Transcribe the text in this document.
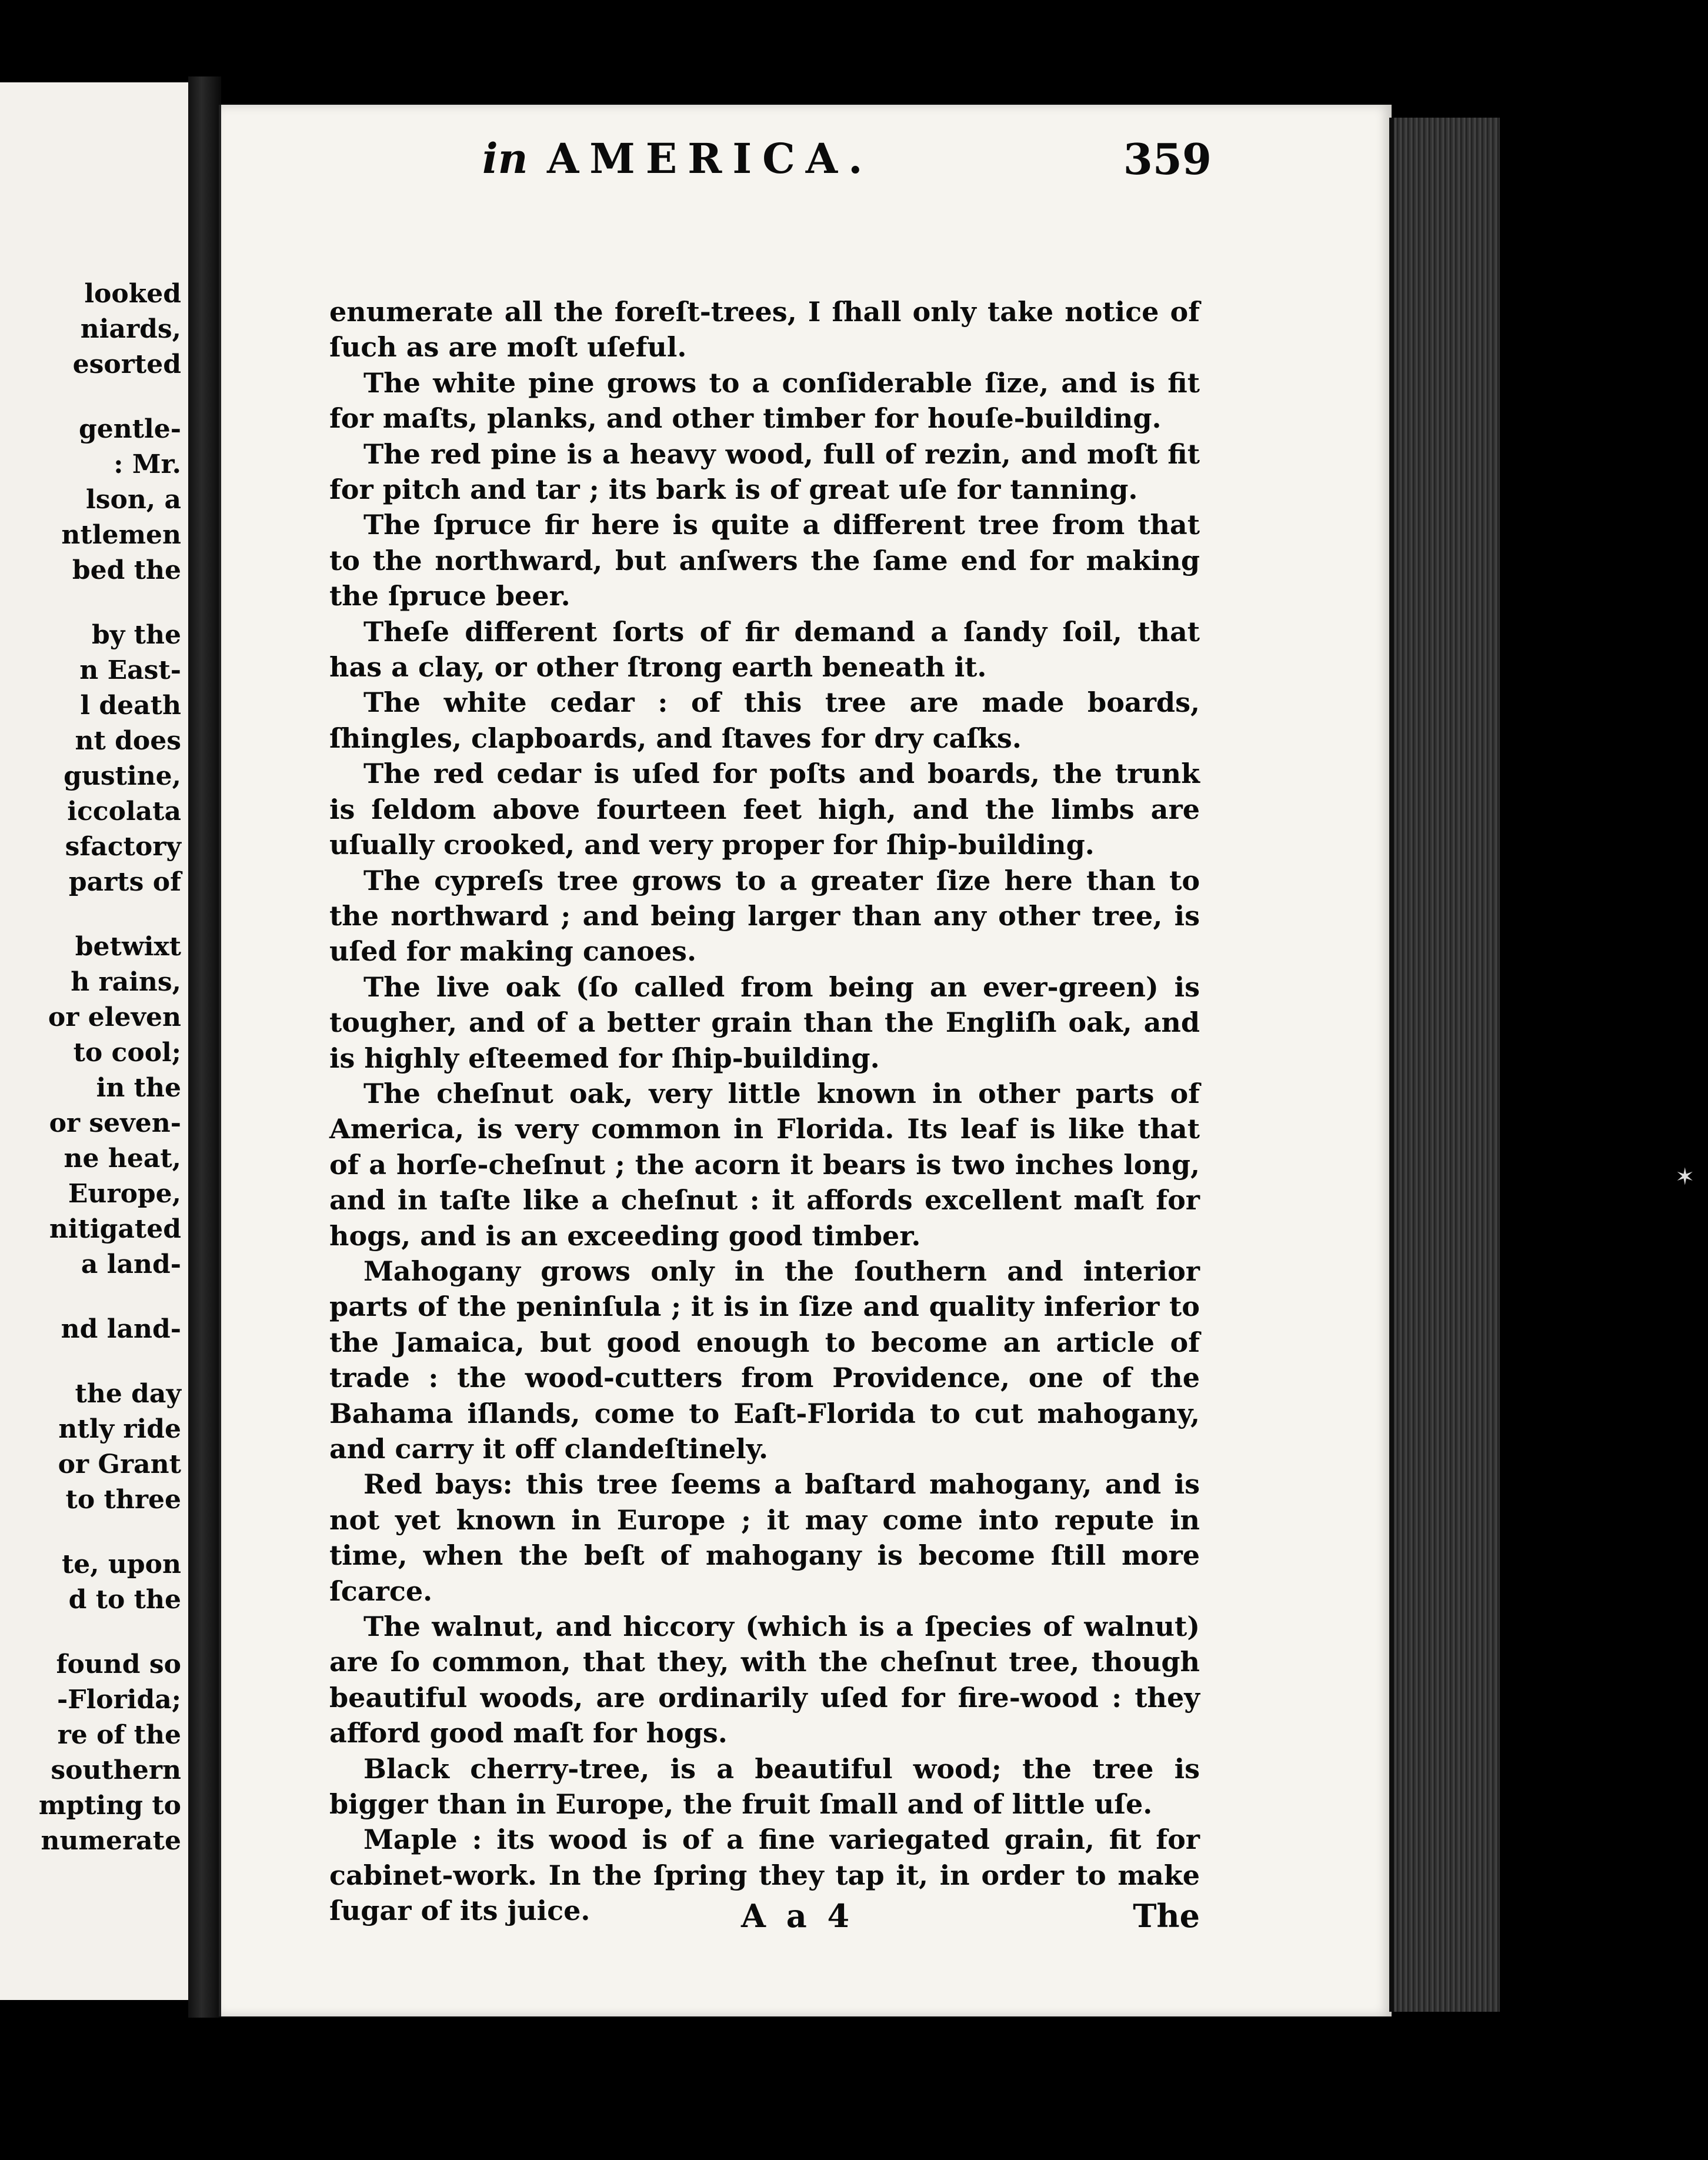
looked
niards,
esorted
gentle-
: Mr.
lson, a
ntlemen
bed the
by the
n East-
l death
nt does
gustine,
iccolata
sfactory
parts of
betwixt
h rains,
or eleven
to cool;
in the
or seven-
ne heat,
Europe,
nitigated
a land-
nd land-
the day
ntly ride
or Grant
to three
te, upon
d to the
found so
-Florida;
re of the
southern
mpting to
numerate
in AMERICA.	359

enumerate all the foreſt-trees, I ſhall only take notice of ſuch as are moſt uſeful.

The white pine grows to a conſiderable ſize, and is fit for maſts, planks, and other timber for houſe-building.

The red pine is a heavy wood, full of rezin, and moſt fit for pitch and tar ; its bark is of great uſe for tanning.

The ſpruce fir here is quite a different tree from that to the northward, but anſwers the ſame end for making the ſpruce beer.

Theſe different ſorts of fir demand a ſandy ſoil, that has a clay, or other ſtrong earth beneath it.

The white cedar : of this tree are made boards, ſhingles, clapboards, and ſtaves for dry caſks.

The red cedar is uſed for poſts and boards, the trunk is ſeldom above fourteen feet high, and the limbs are uſually crooked, and very proper for ſhip-building.

The cypreſs tree grows to a greater ſize here than to the northward ; and being larger than any other tree, is uſed for making canoes.

The live oak (ſo called from being an ever-green) is tougher, and of a better grain than the Engliſh oak, and is highly eſteemed for ſhip-building.

The cheſnut oak, very little known in other parts of America, is very common in Florida. Its leaf is like that of a horſe-cheſnut ; the acorn it bears is two inches long, and in taſte like a cheſnut : it affords excellent maſt for hogs, and is an exceeding good timber.

Mahogany grows only in the ſouthern and interior parts of the peninſula ; it is in ſize and quality inferior to the Jamaica, but good enough to become an article of trade : the wood-cutters from Providence, one of the Bahama iſlands, come to Eaſt-Florida to cut mahogany, and carry it off clandeſtinely.

Red bays: this tree ſeems a baſtard mahogany, and is not yet known in Europe ; it may come into repute in time, when the beſt of mahogany is become ſtill more ſcarce.

The walnut, and hiccory (which is a ſpecies of walnut) are ſo common, that they, with the cheſnut tree, though beautiful woods, are ordinarily uſed for fire-wood : they afford good maſt for hogs.

Black cherry-tree, is a beautiful wood; the tree is bigger than in Europe, the fruit ſmall and of little uſe.

Maple : its wood is of a fine variegated grain, fit for cabinet-work. In the ſpring they tap it, in order to make ſugar of its juice.	A a 4	The
✶
